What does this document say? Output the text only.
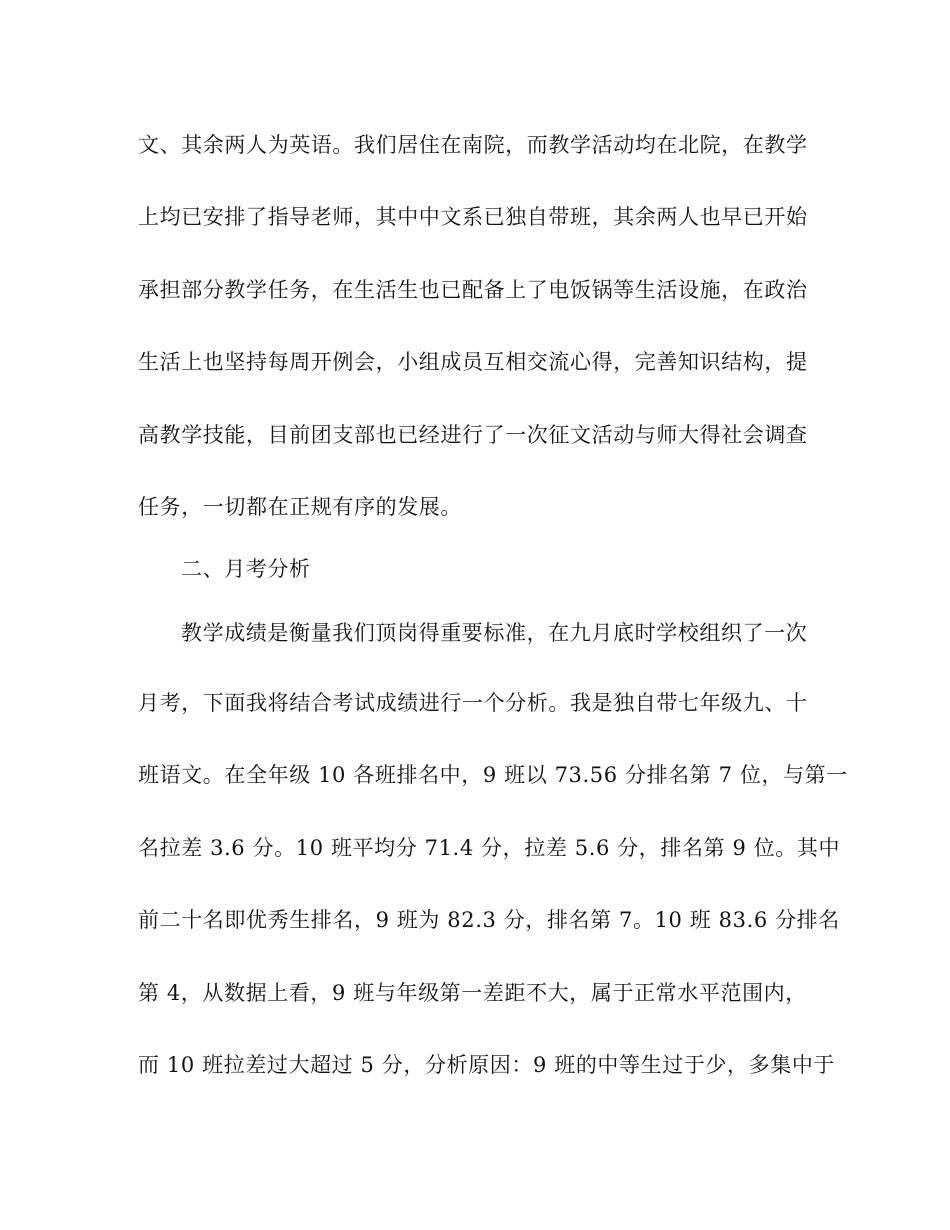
文、其余两人为英语。我们居住在南院，而教学活动均在北院，在教学
上均已安排了指导老师，其中中文系已独自带班，其余两人也早已开始
承担部分教学任务，在生活生也已配备上了电饭锅等生活设施，在政治
生活上也坚持每周开例会，小组成员互相交流心得，完善知识结构，提
高教学技能，目前团支部也已经进行了一次征文活动与师大得社会调查
任务，一切都在正规有序的发展。
二、月考分析
教学成绩是衡量我们顶岗得重要标准，在九月底时学校组织了一次
月考，下面我将结合考试成绩进行一个分析。我是独自带七年级九、十
班语文。在全年级 10 各班排名中，9 班以 73.56 分排名第 7 位，与第一
名拉差 3.6 分。10 班平均分 71.4 分，拉差 5.6 分，排名第 9 位。其中
前二十名即优秀生排名，9 班为 82.3 分，排名第 7。10 班 83.6 分排名
第 4，从数据上看，9 班与年级第一差距不大，属于正常水平范围内，
而 10 班拉差过大超过 5 分，分析原因：9 班的中等生过于少，多集中于
